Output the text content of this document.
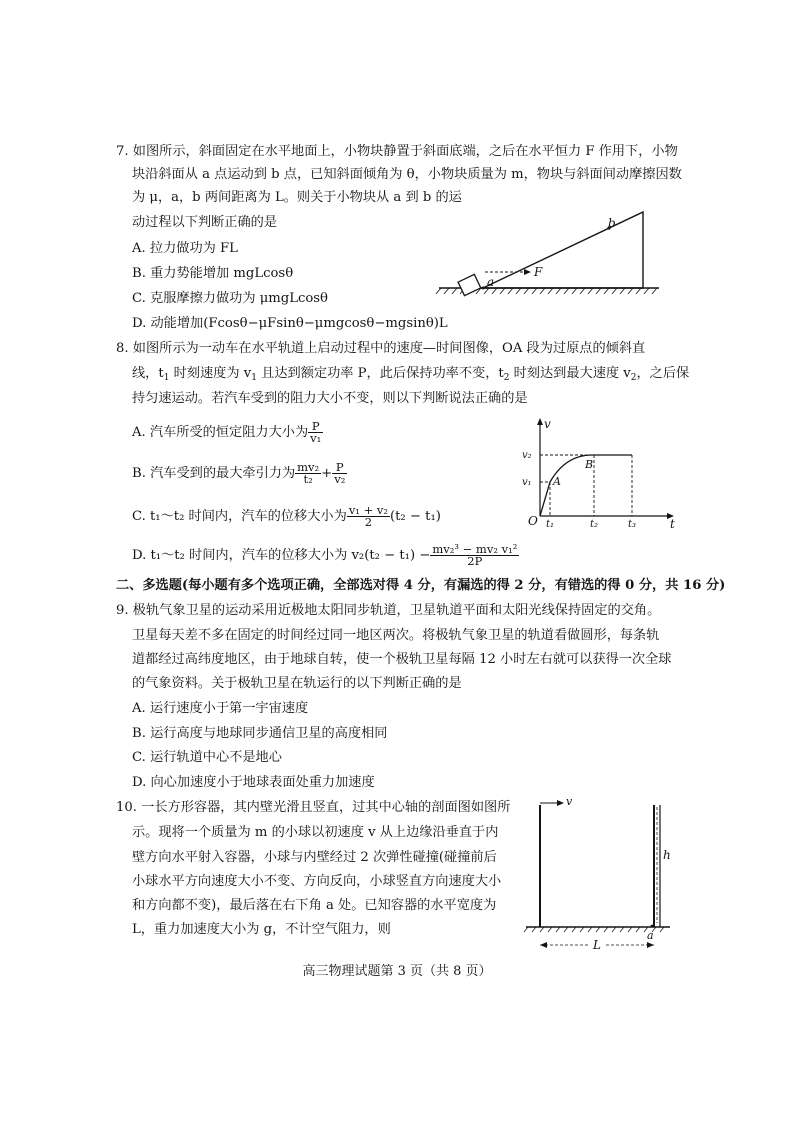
7. 如图所示，斜面固定在水平地面上，小物块静置于斜面底端，之后在水平恒力 F 作用下，小物
块沿斜面从 a 点运动到 b 点，已知斜面倾角为 θ，小物块质量为 m，物块与斜面间动摩擦因数
为 μ，a，b 两间距离为 L。则关于小物块从 a 到 b 的运
动过程以下判断正确的是
A. 拉力做功为 FL
B. 重力势能增加 mgLcosθ
C. 克服摩擦力做功为 μmgLcosθ
D. 动能增加(Fcosθ−μFsinθ−μmgcosθ−mgsinθ)L
a
b
F
8. 如图所示为一动车在水平轨道上启动过程中的速度—时间图像，OA 段为过原点的倾斜直
线，$t_1$ 时刻速度为 $v_1$ 且达到额定功率 P，此后保持功率不变，$t_2$ 时刻达到最大速度 $v_2$，之后保
持匀速运动。若汽车受到的阻力大小不变，则以下判断说法正确的是
A. 汽车所受的恒定阻力大小为 $\frac{P}{\text{v₁}}$
B. 汽车受到的最大牵引力为 $\frac{\text{mv₂}}{\text{t₂}} + \frac{P}{\text{v₂}}$
C. t₁～t₂ 时间内，汽车的位移大小为 $\frac{\text{v₁ + v₂}}{2} (t_2 - t_1)$
D. t₁～t₂ 时间内，汽车的位移大小为 $v_2(t_2 - t_1) - \frac{\text{mv₂³ − mv₂ v₁²}}{2P}$
v
t
O
v₁
v₂
t₁	t₂	t₃
A
B
二、多选题(每小题有多个选项正确，全部选对得 4 分，有漏选的得 2 分，有错选的得 0 分，共 16 分)
9. 极轨气象卫星的运动采用近极地太阳同步轨道，卫星轨道平面和太阳光线保持固定的交角。
卫星每天差不多在固定的时间经过同一地区两次。将极轨气象卫星的轨道看做圆形，每条轨
道都经过高纬度地区，由于地球自转，使一个极轨卫星每隔 12 小时左右就可以获得一次全球
的气象资料。关于极轨卫星在轨运行的以下判断正确的是
A. 运行速度小于第一宇宙速度
B. 运行高度与地球同步通信卫星的高度相同
C. 运行轨道中心不是地心
D. 向心加速度小于地球表面处重力加速度
10. 一长方形容器，其内壁光滑且竖直，过其中心轴的剖面图如图所
示。现将一个质量为 m 的小球以初速度 v 从上边缘沿垂直于内
壁方向水平射入容器，小球与内壁经过 2 次弹性碰撞(碰撞前后
小球水平方向速度大小不变、方向反向，小球竖直方向速度大小
和方向都不变)，最后落在右下角 a 处。已知容器的水平宽度为
L，重力加速度大小为 g，不计空气阻力，则
v
h
a
L
高三物理试题第 3 页（共 8 页）
